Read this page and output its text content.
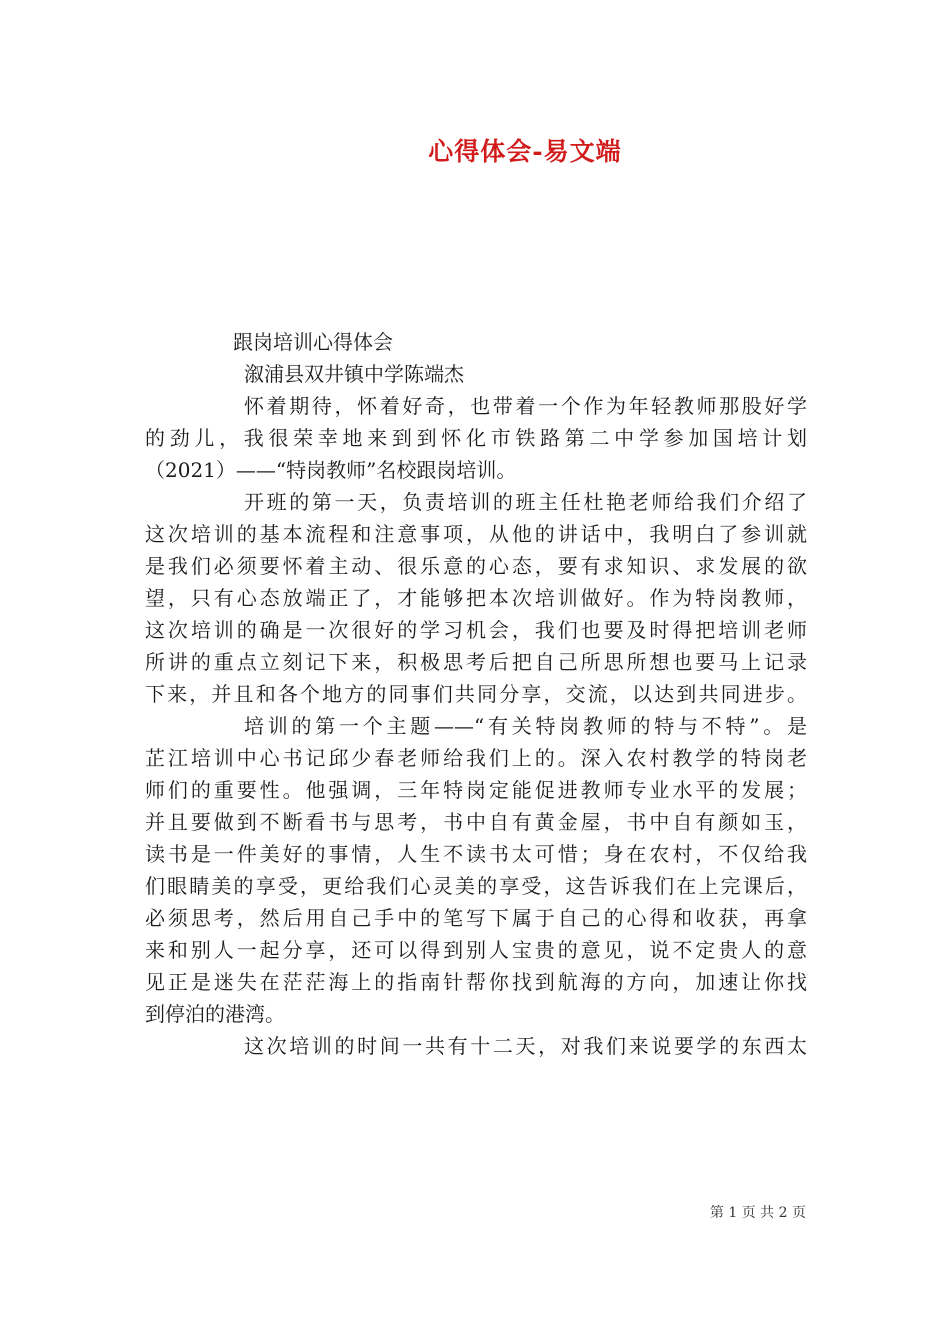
心得体会-易文端
跟岗培训心得体会
溆浦县双井镇中学陈端杰
怀着期待，怀着好奇，也带着一个作为年轻教师那股好学
的劲儿，我很荣幸地来到到怀化市铁路第二中学参加国培计划
（2021）——“特岗教师”名校跟岗培训。
开班的第一天，负责培训的班主任杜艳老师给我们介绍了
这次培训的基本流程和注意事项，从他的讲话中，我明白了参训就
是我们必须要怀着主动、很乐意的心态，要有求知识、求发展的欲
望，只有心态放端正了，才能够把本次培训做好。作为特岗教师，
这次培训的确是一次很好的学习机会，我们也要及时得把培训老师
所讲的重点立刻记下来，积极思考后把自己所思所想也要马上记录
下来，并且和各个地方的同事们共同分享，交流，以达到共同进步。
培训的第一个主题——“有关特岗教师的特与不特”。是
芷江培训中心书记邱少春老师给我们上的。深入农村教学的特岗老
师们的重要性。他强调，三年特岗定能促进教师专业水平的发展；
并且要做到不断看书与思考，书中自有黄金屋，书中自有颜如玉，
读书是一件美好的事情，人生不读书太可惜；身在农村，不仅给我
们眼睛美的享受，更给我们心灵美的享受，这告诉我们在上完课后，
必须思考，然后用自己手中的笔写下属于自己的心得和收获，再拿
来和别人一起分享，还可以得到别人宝贵的意见，说不定贵人的意
见正是迷失在茫茫海上的指南针帮你找到航海的方向，加速让你找
到停泊的港湾。
这次培训的时间一共有十二天，对我们来说要学的东西太
第 1 页 共 2 页
